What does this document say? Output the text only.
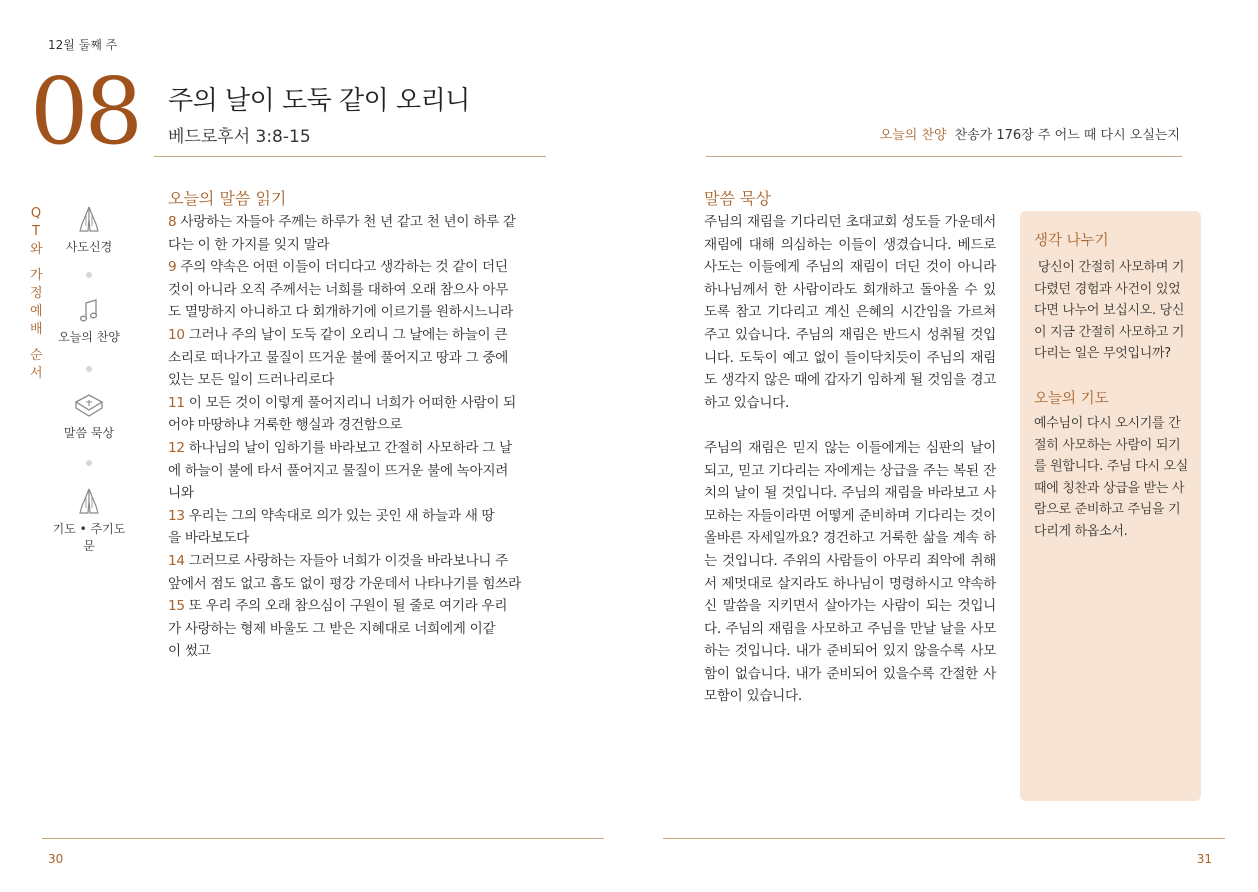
12월 둘째 주
08 주의 날이 도둑 같이 오리니
베드로후서 3:8-15	오늘의 찬양 찬송가 176장 주 어느 때 다시 오실는지
Q
T
와

가
정
예
배

순
서
사도신경
오늘의 찬양
말씀 묵상
기도 • 주기도문
오늘의 말씀 읽기
8 사랑하는 자들아 주께는 하루가 천 년 같고 천 년이 하루 같
다는 이 한 가지를 잊지 말라
9 주의 약속은 어떤 이들이 더디다고 생각하는 것 같이 더딘
것이 아니라 오직 주께서는 너희를 대하여 오래 참으사 아무
도 멸망하지 아니하고 다 회개하기에 이르기를 원하시느니라
10 그러나 주의 날이 도둑 같이 오리니 그 날에는 하늘이 큰
소리로 떠나가고 물질이 뜨거운 불에 풀어지고 땅과 그 중에
있는 모든 일이 드러나리로다
11 이 모든 것이 이렇게 풀어지리니 너희가 어떠한 사람이 되
어야 마땅하냐 거룩한 행실과 경건함으로
12 하나님의 날이 임하기를 바라보고 간절히 사모하라 그 날
에 하늘이 불에 타서 풀어지고 물질이 뜨거운 불에 녹아지려
니와
13 우리는 그의 약속대로 의가 있는 곳인 새 하늘과 새 땅
을 바라보도다
14 그러므로 사랑하는 자들아 너희가 이것을 바라보나니 주
앞에서 점도 없고 흠도 없이 평강 가운데서 나타나기를 힘쓰라
15 또 우리 주의 오래 참으심이 구원이 될 줄로 여기라 우리
가 사랑하는 형제 바울도 그 받은 지혜대로 너희에게 이같
이 썼고
말씀 묵상

주님의 재림을 기다리던 초대교회 성도들 가운데서 재림에 대해 의심하는 이들이 생겼습니다. 베드로 사도는 이들에게 주님의 재림이 더딘 것이 아니라 하나님께서 한 사람이라도 회개하고 돌아올 수 있도록 참고 기다리고 계신 은혜의 시간임을 가르쳐주고 있습니다. 주님의 재림은 반드시 성취될 것입니다. 도둑이 예고 없이 들이닥치듯이 주님의 재림도 생각지 않은 때에 갑자기 임하게 될 것임을 경고하고 있습니다.

주님의 재림은 믿지 않는 이들에게는 심판의 날이 되고, 믿고 기다리는 자에게는 상급을 주는 복된 잔치의 날이 될 것입니다. 주님의 재림을 바라보고 사모하는 자들이라면 어떻게 준비하며 기다리는 것이 올바른 자세일까요? 경건하고 거룩한 삶을 계속 하는 것입니다. 주위의 사람들이 아무리 죄악에 취해서 제멋대로 살지라도 하나님이 명령하시고 약속하신 말씀을 지키면서 살아가는 사람이 되는 것입니다. 주님의 재림을 사모하고 주님을 만날 날을 사모하는 것입니다. 내가 준비되어 있지 않을수록 사모함이 없습니다. 내가 준비되어 있을수록 간절한 사모함이 있습니다.

생각 나누기
당신이 간절히 사모하며 기
다렸던 경험과 사건이 있었
다면 나누어 보십시오. 당신
이 지금 간절히 사모하고 기
다리는 일은 무엇입니까?
오늘의 기도
예수님이 다시 오시기를 간
절히 사모하는 사람이 되기
를 원합니다. 주님 다시 오실
때에 칭찬과 상급을 받는 사
람으로 준비하고 주님을 기
다리게 하옵소서.
30	31
